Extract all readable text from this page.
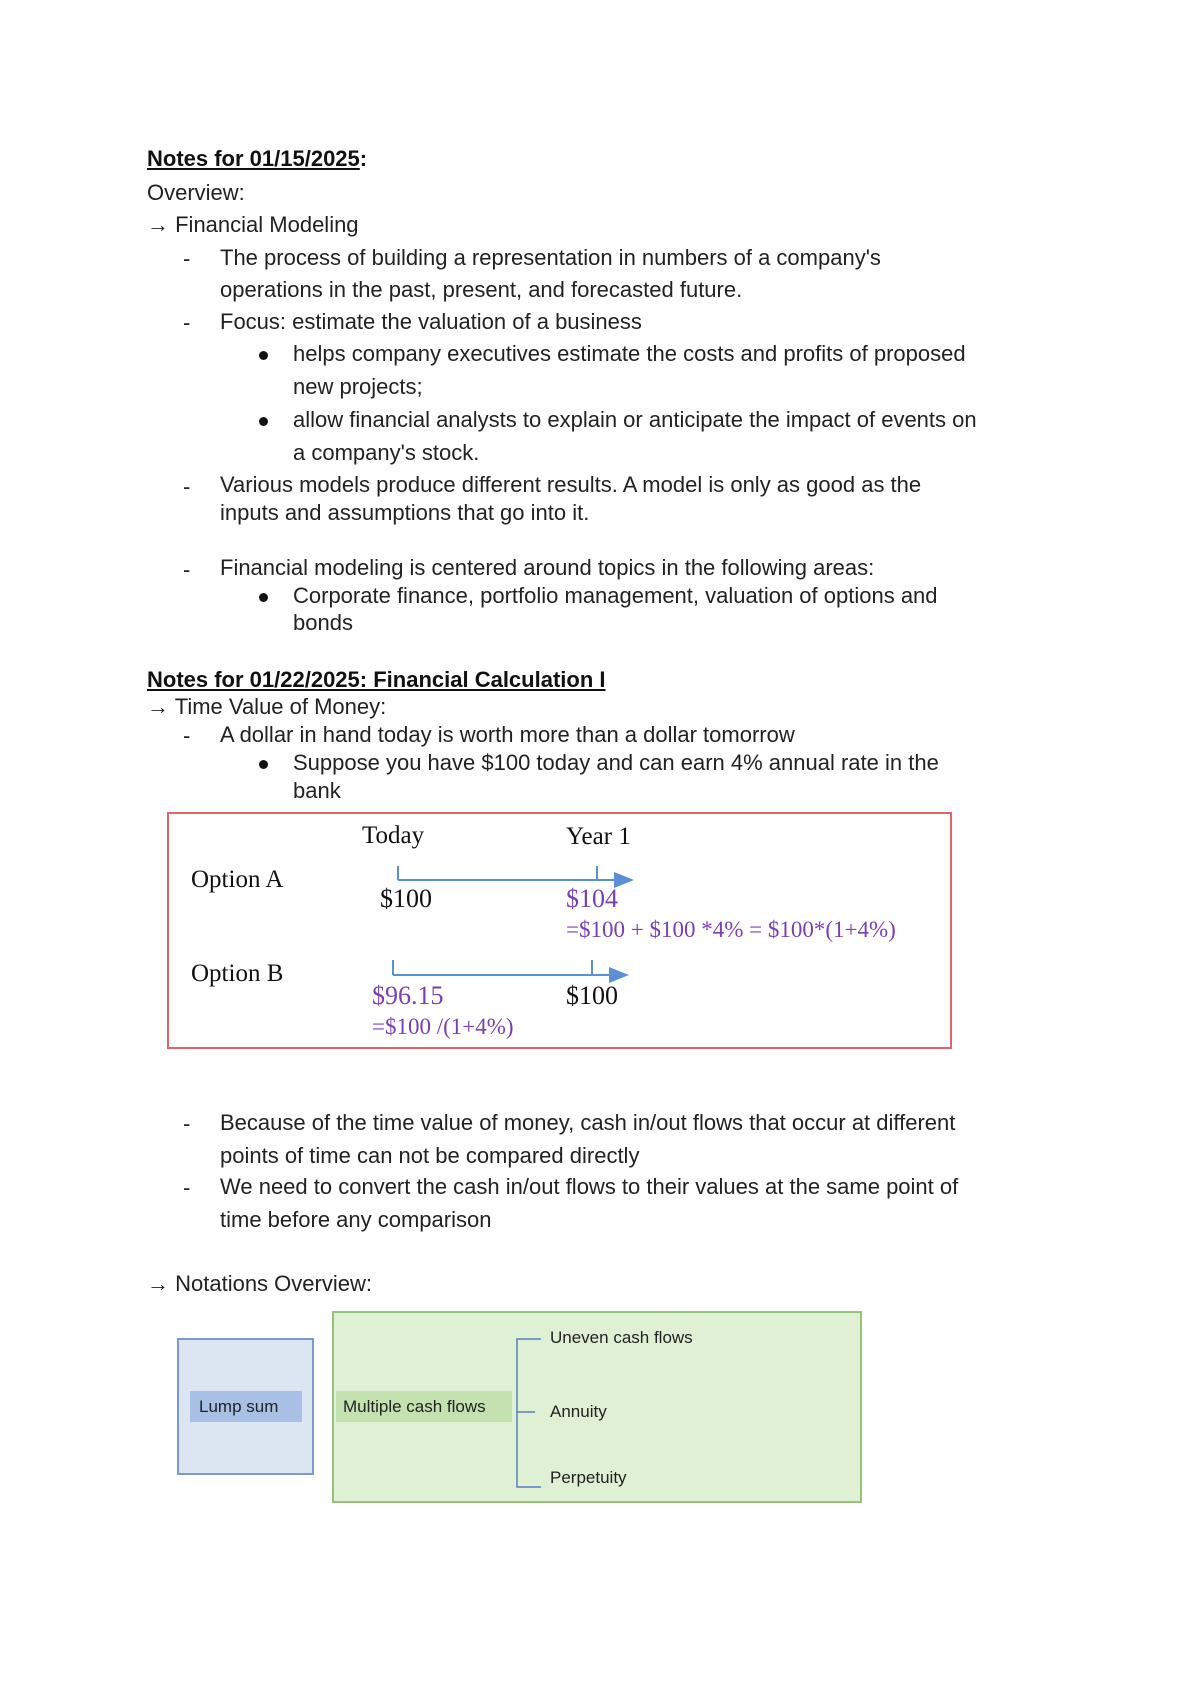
Notes for 01/15/2025:
Overview:
→ Financial Modeling
- The process of building a representation in numbers of a company's
operations in the past, present, and forecasted future.
- Focus: estimate the valuation of a business
helps company executives estimate the costs and profits of proposed
new projects;
allow financial analysts to explain or anticipate the impact of events on
a company's stock.
- Various models produce different results. A model is only as good as the
inputs and assumptions that go into it.
- Financial modeling is centered around topics in the following areas:
Corporate finance, portfolio management, valuation of options and
bonds
Notes for 01/22/2025: Financial Calculation I
→ Time Value of Money:
- A dollar in hand today is worth more than a dollar tomorrow
Suppose you have $100 today and can earn 4% annual rate in the
bank
Today	Year 1
Option A
$100	$104
=$100 + $100 *4% = $100*(1+4%)
Option B
$96.15	$100
=$100 /(1+4%)
- Because of the time value of money, cash in/out flows that occur at different
points of time can not be compared directly
- We need to convert the cash in/out flows to their values at the same point of
time before any comparison
→ Notations Overview:
Lump sum	Multiple cash flows
Uneven cash flows
Annuity
Perpetuity
